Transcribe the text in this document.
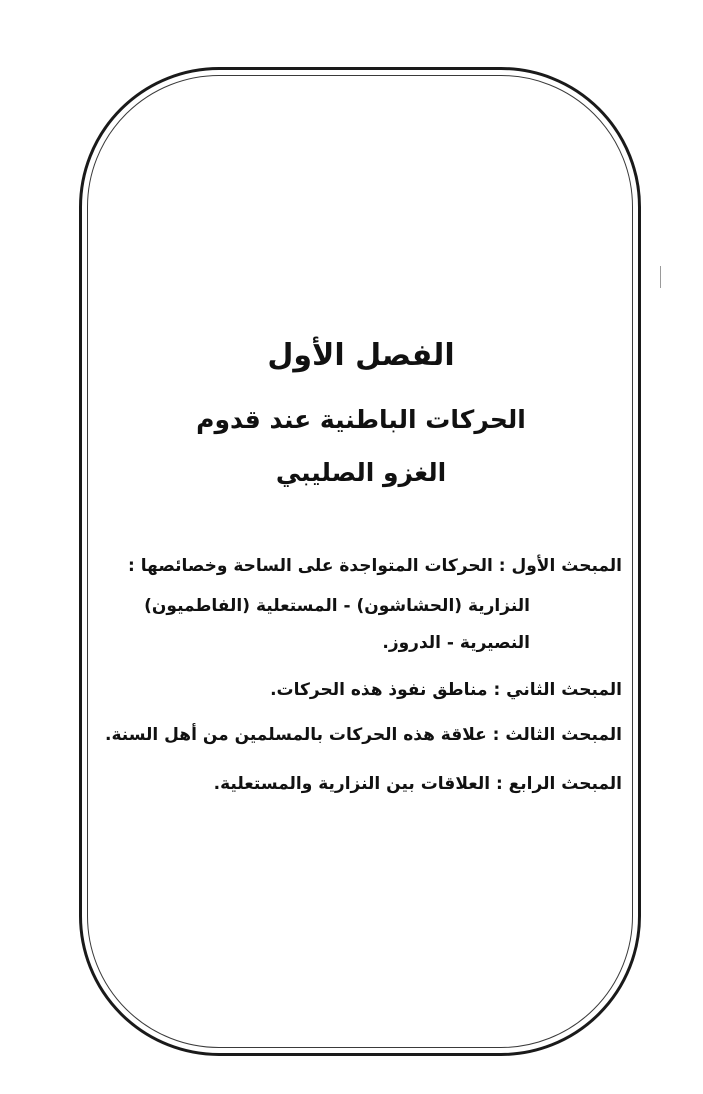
الفصل الأول
الحركات الباطنية عند قدوم
الغزو الصليبي
المبحث الأول : الحركات المتواجدة على الساحة وخصائصها :
النزارية (الحشاشون) - المستعلية (الفاطميون)
النصيرية - الدروز.
المبحث الثاني : مناطق نفوذ هذه الحركات.
المبحث الثالث : علاقة هذه الحركات بالمسلمين من أهل السنة.
المبحث الرابع : العلاقات بين النزارية والمستعلية.
